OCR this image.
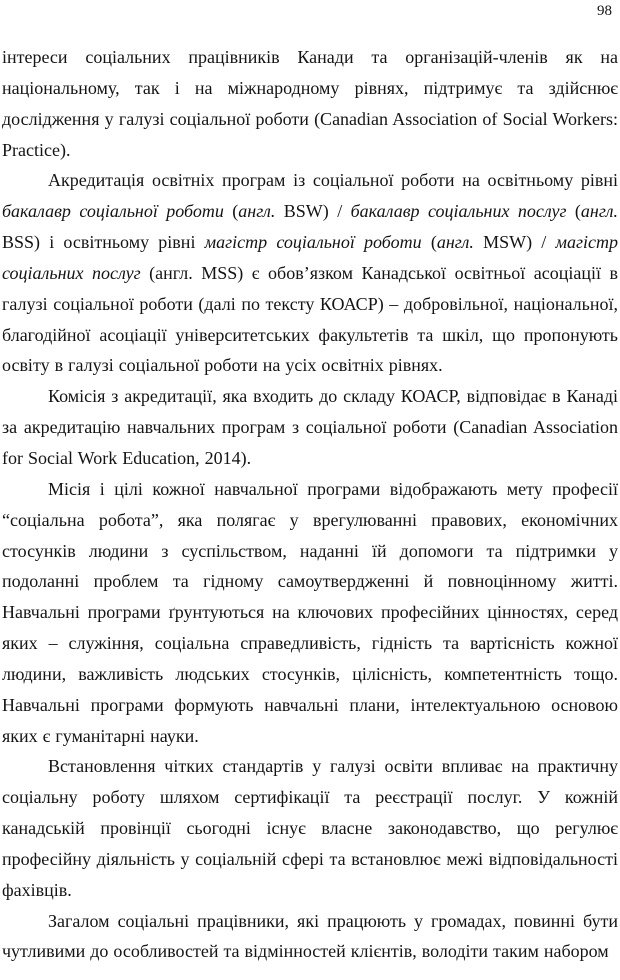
98

інтереси соціальних працівників Канади та організацій-членів як на національному, так і на міжнародному рівнях, підтримує та здійснює дослідження у галузі соціальної роботи (Canadian Association of Social Workers: Practice).

Акредитація освітніх програм із соціальної роботи на освітньому рівні бакалавр соціальної роботи (англ. BSW) / бакалавр соціальних послуг (англ. BSS) і освітньому рівні магістр соціальної роботи (англ. MSW) / магістр соціальних послуг (англ. MSS) є обов’язком Канадської освітньої асоціації в галузі соціальної роботи (далі по тексту КОАСР) – добровільної, національної, благодійної асоціації університетських факультетів та шкіл, що пропонують освіту в галузі соціальної роботи на усіх освітніх рівнях.

Комісія з акредитації, яка входить до складу КОАСР, відповідає в Канаді за акредитацію навчальних програм з соціальної роботи (Canadian Association for Social Work Education, 2014).

Місія і цілі кожної навчальної програми відображають мету професії “соціальна робота”, яка полягає у врегулюванні правових, економічних стосунків людини з суспільством, наданні їй допомоги та підтримки у подоланні проблем та гідному самоутвердженні й повноцінному житті. Навчальні програми ґрунтуються на ключових професійних цінностях, серед яких – служіння, соціальна справедливість, гідність та вартісність кожної людини, важливість людських стосунків, цілісність, компетентність тощо. Навчальні програми формують навчальні плани, інтелектуальною основою яких є гуманітарні науки.

Встановлення чітких стандартів у галузі освіти впливає на практичну соціальну роботу шляхом сертифікації та реєстрації послуг. У кожній канадській провінції сьогодні існує власне законодавство, що регулює професійну діяльність у соціальній сфері та встановлює межі відповідальності фахівців.

Загалом соціальні працівники, які працюють у громадах, повинні бути чутливими до особливостей та відмінностей клієнтів, володіти таким набором
